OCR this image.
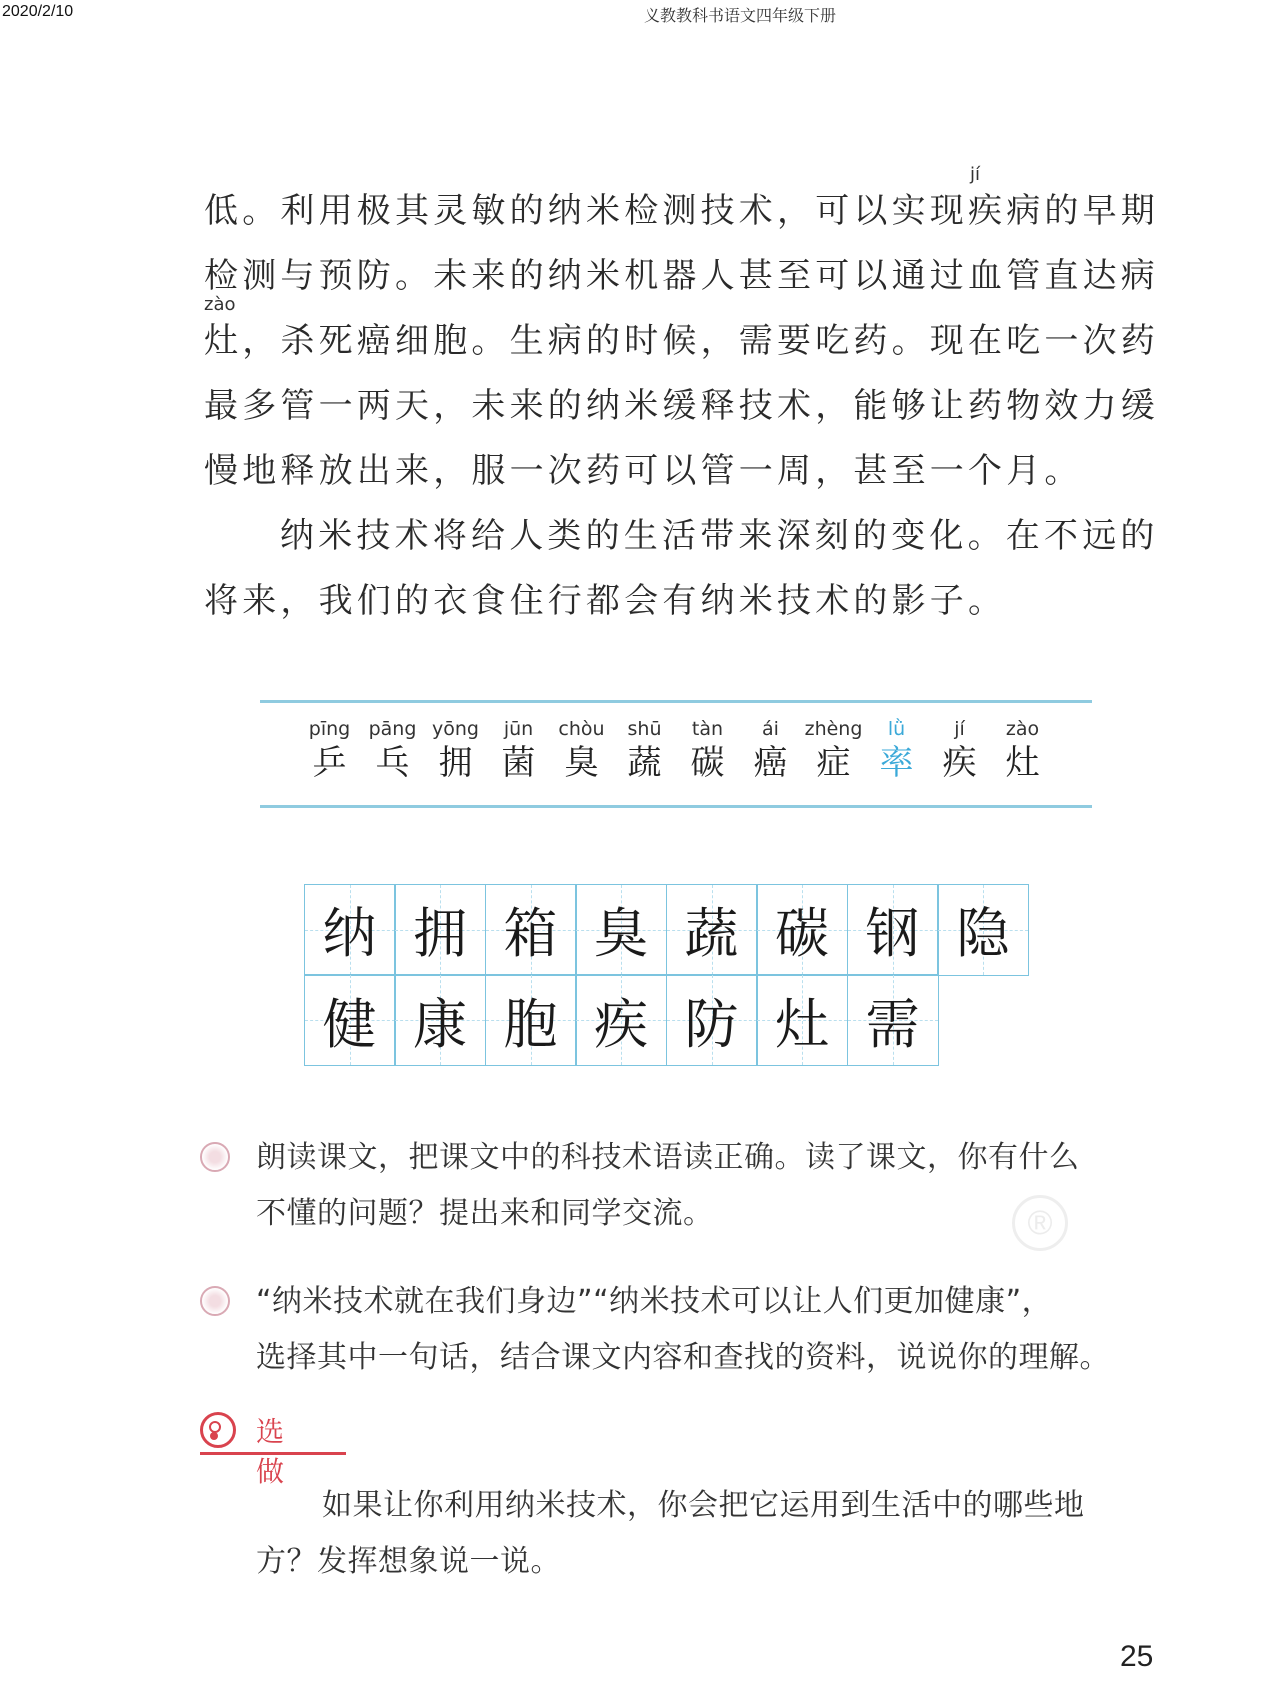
2020/2/10	义教教科书语文四年级下册
jí
zào
低。利用极其灵敏的纳米检测技术，可以实现疾病的早期
检测与预防。未来的纳米机器人甚至可以通过血管直达病
灶，杀死癌细胞。生病的时候，需要吃药。现在吃一次药
最多管一两天，未来的纳米缓释技术，能够让药物效力缓
慢地释放出来，服一次药可以管一周，甚至一个月。
纳米技术将给人类的生活带来深刻的变化。在不远的
将来，我们的衣食住行都会有纳米技术的影子。
pīng
乒
pāng
乓
yōng
拥
jūn
菌
chòu
臭
shū
蔬
tàn
碳
ái
癌
zhèng
症
lǜ
率
jí
疾
zào
灶
纳 拥 箱 臭 蔬 碳 钢 隐
健 康 胞 疾 防 灶 需
®
朗读课文，把课文中的科技术语读正确。读了课文，你有什么
不懂的问题？提出来和同学交流。
“纳米技术就在我们身边”“纳米技术可以让人们更加健康”，
选择其中一句话，结合课文内容和查找的资料，说说你的理解。
选做
如果让你利用纳米技术，你会把它运用到生活中的哪些地
方？发挥想象说一说。
25
